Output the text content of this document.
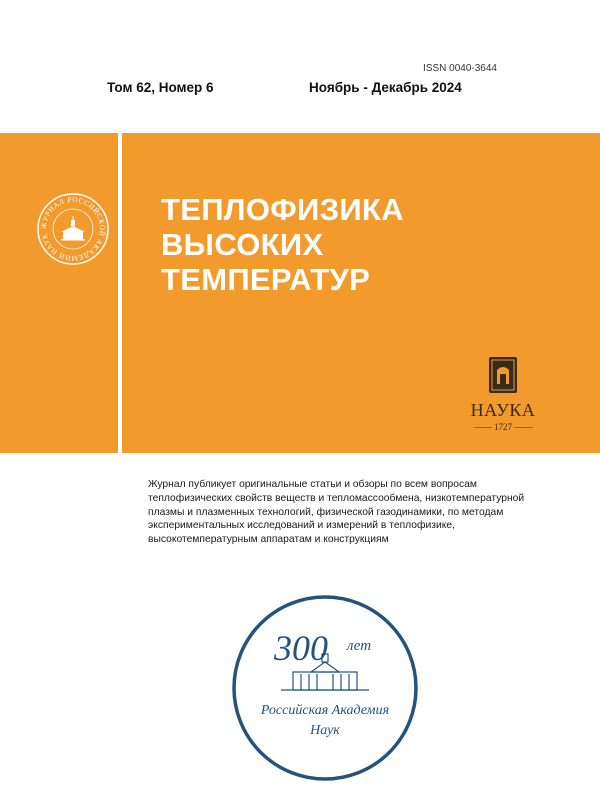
ISSN 0040-3644
Том 62, Номер 6	Ноябрь - Декабрь 2024
ЖУРНАЛ РОССИЙСКОЙ АКАДЕМИИ НАУК
ТЕПЛОФИЗИКА
ВЫСОКИХ
ТЕМПЕРАТУР
НАУКА
—— 1727 ——
Журнал публикует оригинальные статьи и обзоры по всем вопросам теплофизических свойств веществ и тепломассообмена, низкотемпературной плазмы и плазменных технологий, физической газодинамики, по методам экспериментальных исследований и измерений в теплофизике, высокотемпературным аппаратам и конструкциям
300 лет
Российская Академия
Наук
